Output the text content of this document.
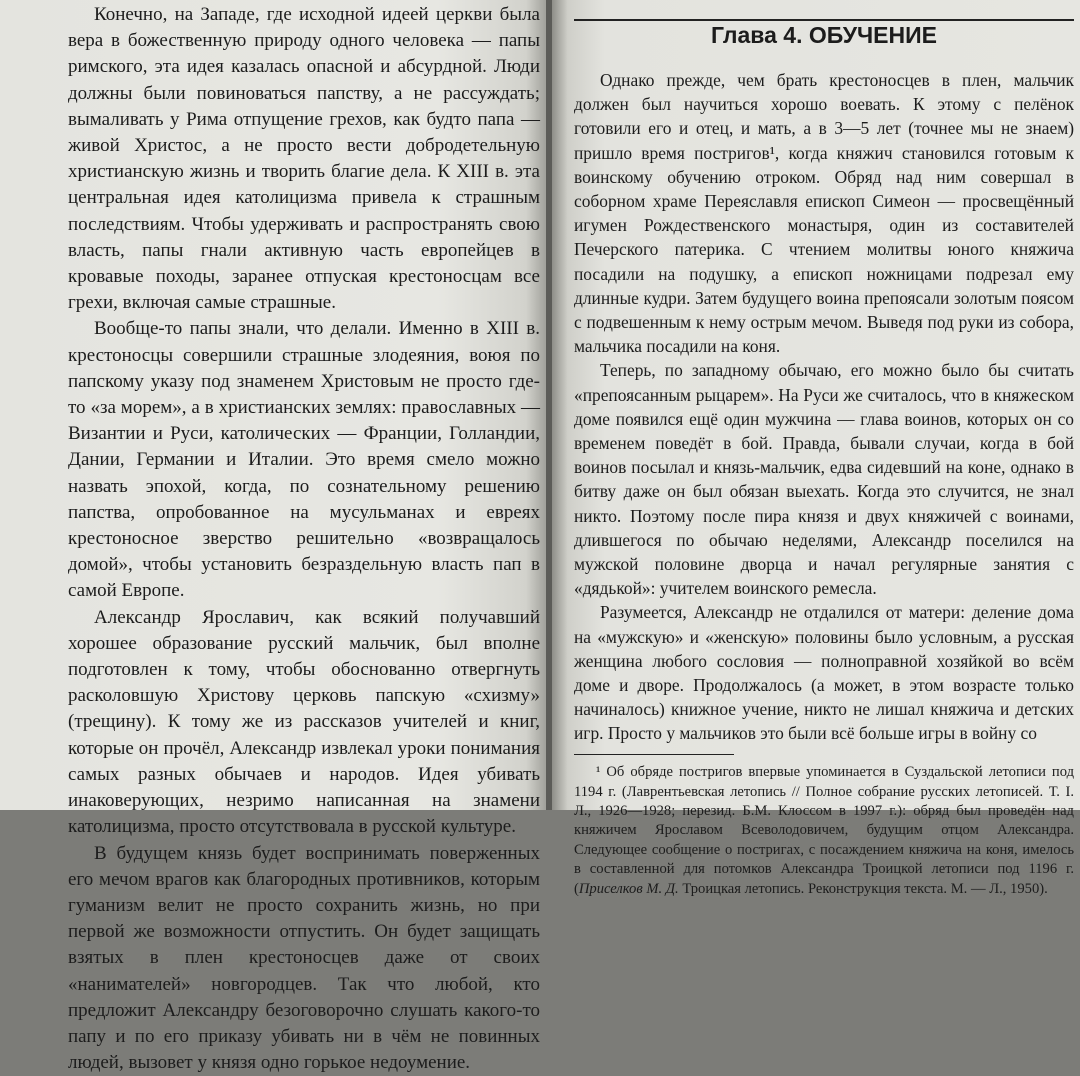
Конечно, на Западе, где исходной идеей церкви была вера в божественную природу одного человека — папы римского, эта идея казалась опасной и абсурдной. Люди должны были повиноваться папству, а не рассуждать; вымаливать у Рима отпущение грехов, как будто папа — живой Христос, а не просто вести добродетельную христианскую жизнь и творить благие дела. К XIII в. эта центральная идея католицизма привела к страшным последствиям. Чтобы удерживать и распространять свою власть, папы гнали активную часть европейцев в кровавые походы, заранее отпуская крестоносцам все грехи, включая самые страшные.

Вообще-то папы знали, что делали. Именно в XIII в. крестоносцы совершили страшные злодеяния, воюя по папскому указу под знаменем Христовым не просто где-то «за морем», а в христианских землях: православных — Византии и Руси, католических — Франции, Голландии, Дании, Германии и Италии. Это время смело можно назвать эпохой, когда, по сознательному решению папства, опробованное на мусульманах и евреях крестоносное зверство решительно «возвращалось домой», чтобы установить безраздельную власть пап в самой Европе.

Александр Ярославич, как всякий получавший хорошее образование русский мальчик, был вполне подготовлен к тому, чтобы обоснованно отвергнуть расколовшую Христову церковь папскую «схизму» (трещину). К тому же из рассказов учителей и книг, которые он прочёл, Александр извлекал уроки понимания самых разных обычаев и народов. Идея убивать инаковерующих, незримо написанная на знамени католицизма, просто отсутствовала в русской культуре.

В будущем князь будет воспринимать поверженных его мечом врагов как благородных противников, которым гуманизм велит не просто сохранить жизнь, но при первой же возможности отпустить. Он будет защищать взятых в плен крестоносцев даже от своих «нанимателей» новгородцев. Так что любой, кто предложит Александру безоговорочно слушать какого-то папу и по его приказу убивать ни в чём не повинных людей, вызовет у князя одно горькое недоумение.

Глава 4. ОБУЧЕНИЕ

Однако прежде, чем брать крестоносцев в плен, мальчик должен был научиться хорошо воевать. К этому с пелёнок готовили его и отец, и мать, а в 3—5 лет (точнее мы не знаем) пришло время постригов¹, когда княжич становился готовым к воинскому обучению отроком. Обряд над ним совершал в соборном храме Переяславля епископ Симеон — просвещённый игумен Рождественского монастыря, один из составителей Печерского патерика. С чтением молитвы юного княжича посадили на подушку, а епископ ножницами подрезал ему длинные кудри. Затем будущего воина препоясали золотым поясом с подвешенным к нему острым мечом. Выведя под руки из собора, мальчика посадили на коня.

Теперь, по западному обычаю, его можно было бы считать «препоясанным рыцарем». На Руси же считалось, что в княжеском доме появился ещё один мужчина — глава воинов, которых он со временем поведёт в бой. Правда, бывали случаи, когда в бой воинов посылал и князь-мальчик, едва сидевший на коне, однако в битву даже он был обязан выехать. Когда это случится, не знал никто. Поэтому после пира князя и двух княжичей с воинами, длившегося по обычаю неделями, Александр поселился на мужской половине дворца и начал регулярные занятия с «дядькой»: учителем воинского ремесла.

Разумеется, Александр не отдалился от матери: деление дома на «мужскую» и «женскую» половины было условным, а русская женщина любого сословия — полноправной хозяйкой во всём доме и дворе. Продолжалось (а может, в этом возрасте только начиналось) книжное учение, никто не лишал княжича и детских игр. Просто у мальчиков это были всё больше игры в войну со

¹ Об обряде постригов впервые упоминается в Суздальской летописи под 1194 г. (Лаврентьевская летопись // Полное собрание русских летописей. Т. I. Л., 1926—1928; перезид. Б.М. Клоссом в 1997 г.): обряд был проведён над княжичем Ярославом Всеволодовичем, будущим отцом Александра. Следующее сообщение о постригах, с посаждением княжича на коня, имелось в составленной для потомков Александра Троицкой летописи под 1196 г. (Приселков М. Д. Троицкая летопись. Реконструкция текста. М. — Л., 1950).
